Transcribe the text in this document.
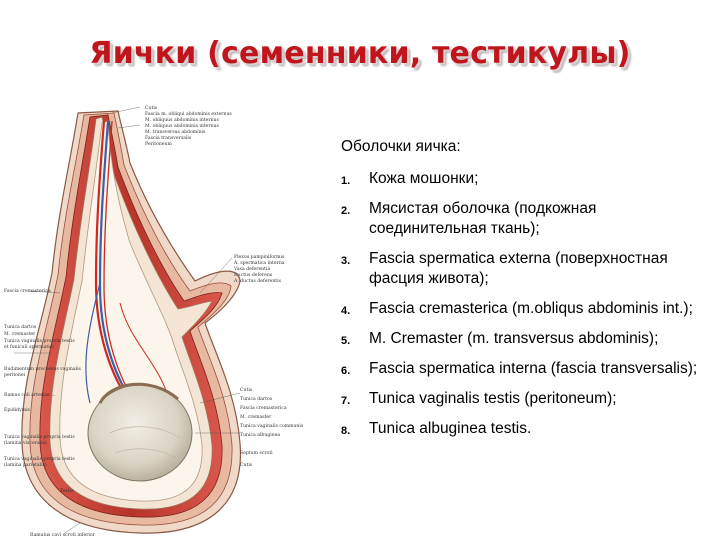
Яички (семенники, тестикулы)
Cutis
Fascia m. obliqui abdominis externus
M. obliquus abdominis internus
M. obliquus abdominis internus
M. transversus abdominis
Fascia transversalis
Peritoneum
Plexus pampiniformis
A. spermatica interna
Vasa deferentia
Ductus deferens
A. ductus deferentis
Fascia cremasterica
Tunica dartos
M. cremaster
Tunica vaginalis propria testis
et funiculi spermatici
Rudimentum processus vaginalis
peritonei
Ramus coli arteriae ...
Epididymis
Tunica vaginalis propria testis
(lamina visceralis)
Tunica vaginalis propria testis
(lamina parietalis)
Testis
Ramulus cavi scroti inferior
Cutis
Tunica dartos
Fascia cremasterica
M. cremaster
Tunica vaginalis communis
Tunica albuginea
Septum scroti
Cutis

Оболочки яичка:

1. Кожа мошонки;
2. Мясистая оболочка (подкожная соединительная ткань);
3. Fascia spermatica externa (поверхностная фасция живота);
4. Fascia cremasterica (m.obliqus abdominis int.);
5. M. Cremaster (m. transversus abdominis);
6. Fascia spermatica interna (fascia transversalis);
7. Tunica vaginalis testis (peritoneum);
8. Tunica albuginea testis.
